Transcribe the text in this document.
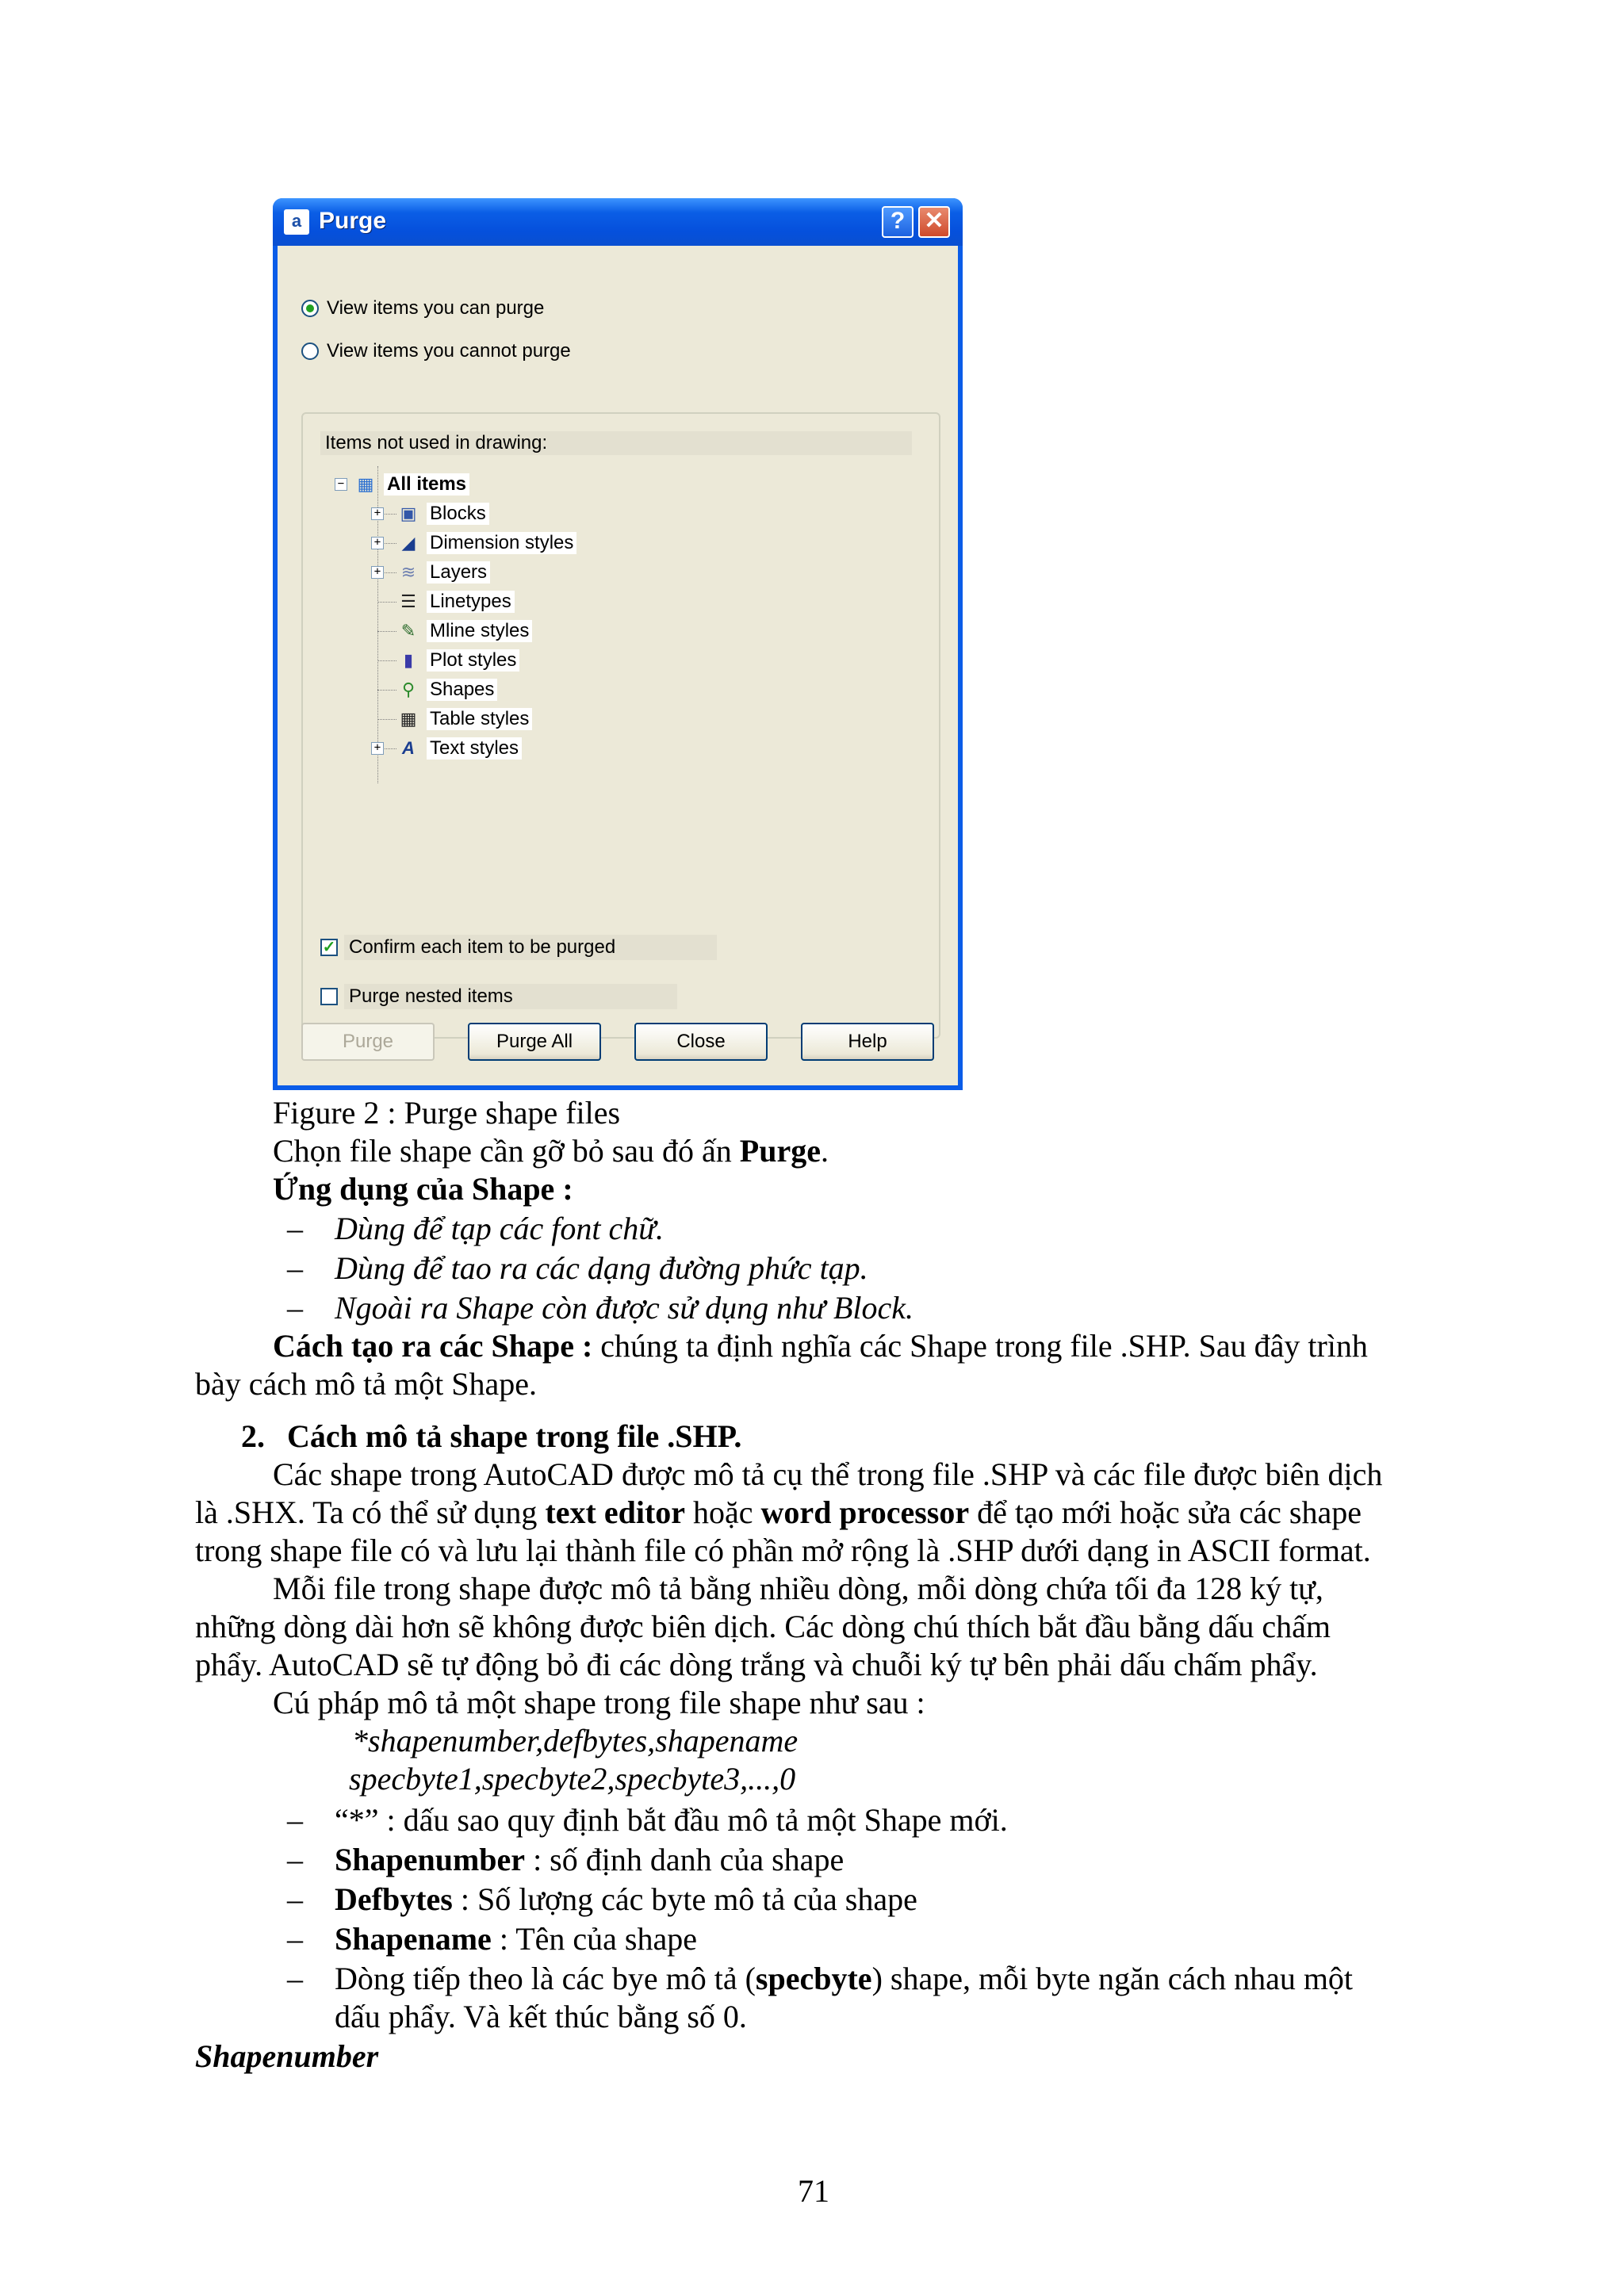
a Purge	? ✕
View items you can purge
View items you cannot purge
Items not used in drawing:
− ▦ All items
+ ▣ Blocks
+ ◢ Dimension styles
+ ≋ Layers
☰ Linetypes
✎ Mline styles
▮ Plot styles
⚲ Shapes
▦ Table styles
+	A Text styles
✓ Confirm each item to be purged
Purge nested items
Purge	Purge All	Close	Help
Figure 2 : Purge shape files
Chọn file shape cần gỡ bỏ sau đó ấn Purge.
Ứng dụng của Shape :
– Dùng để tạp các font chữ.
– Dùng để tao ra các dạng đường phức tạp.
– Ngoài ra Shape còn được sử dụng như Block.
Cách tạo ra các Shape : chúng ta định nghĩa các Shape trong file .SHP. Sau đây trình
bày cách mô tả một Shape.
2. Cách mô tả shape trong file .SHP.
Các shape trong AutoCAD được mô tả cụ thể trong file .SHP và các file được biên dịch
là .SHX. Ta có thể sử dụng text editor hoặc word processor để tạo mới hoặc sửa các shape
trong shape file có và lưu lại thành file có phần mở rộng là .SHP dưới dạng in ASCII format.
Mỗi file trong shape được mô tả bằng nhiều dòng, mỗi dòng chứa tối đa 128 ký tự,
những dòng dài hơn sẽ không được biên dịch. Các dòng chú thích bắt đầu bằng dấu chấm
phẩy. AutoCAD sẽ tự động bỏ đi các dòng trắng và chuỗi ký tự bên phải dấu chấm phẩy.
Cú pháp mô tả một shape trong file shape như sau :
*shapenumber,defbytes,shapename
specbyte1,specbyte2,specbyte3,...,0
– “*” : dấu sao quy định bắt đầu mô tả một Shape mới.
– Shapenumber : số định danh của shape
– Defbytes : Số lượng các byte mô tả của shape
– Shapename : Tên của shape
– Dòng tiếp theo là các bye mô tả (specbyte) shape, mỗi byte ngăn cách nhau một
dấu phẩy. Và kết thúc bằng số 0.
Shapenumber
71
